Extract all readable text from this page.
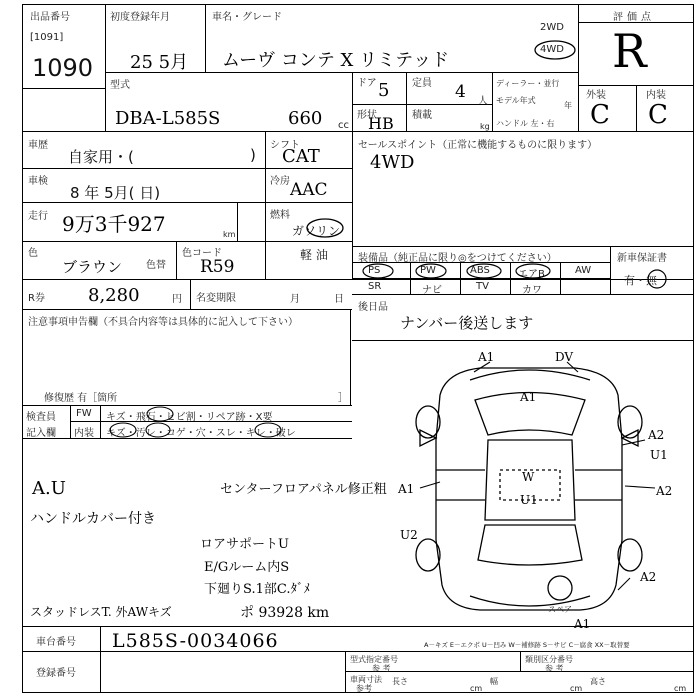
出品番号
[1091]
1090
初度登録年月
25 5月
車名・グレード
ムーヴ コンテ X リミテッド
2WD
4WD
評価点
R
型式
DBA-L585S	660 cc
ドア 5 定員 4 人
形状
HB 積載
kg
ディーラー・並行
モデル年式
年
ハンドル 左・右
外装	内装
C C
車歴
自家用・(	)
シフト
CAT
車検
8 年 5月( 日)
冷房 AAC
走行 9万3千927	km
燃料
ガソリン
軽 油
色
ブラウン 色替
色コード
R59
R券 8,280	円 名変期限	月	日
セールスポイント（正常に機能するものに限ります）
4WD
装備品（純正品に限り◎をつけてください）
PS	PW	ABS	エアB	AW
SR	ナビ	TV	カワ
新車保証書
有・無
後日品
ナンバー後送します
注意事項申告欄（不具合内容等は具体的に記入して下さい）
修復歴 有［箇所	］
検査員
記入欄
FW キズ・飛石・ヒビ割・リペア跡・X要
内装 キズ・汚レ・コゲ・穴・スレ・キレ・破レ
A.U
ハンドルカバー付き
センターフロアパネル修正粗
ロアサポートU
E/Gルーム内S
下廻りS.1部C.ﾀﾞﾒ
スタッドレスT. 外AWキズ	ポ 93928 km
A1	DV
A1
A2
U1
A2
A1
U1
W
U2
A2
A1
スペア
A－キズ E－エクボ U－凹み W－補修跡 S－サビ C－腐食 XX－取替要
車台番号 L585S-0034066
登録番号
型式指定番号
参 考
類別区分番号
参 考
車両寸法
参考
長さ
cm
幅
cm
高さ
cm
